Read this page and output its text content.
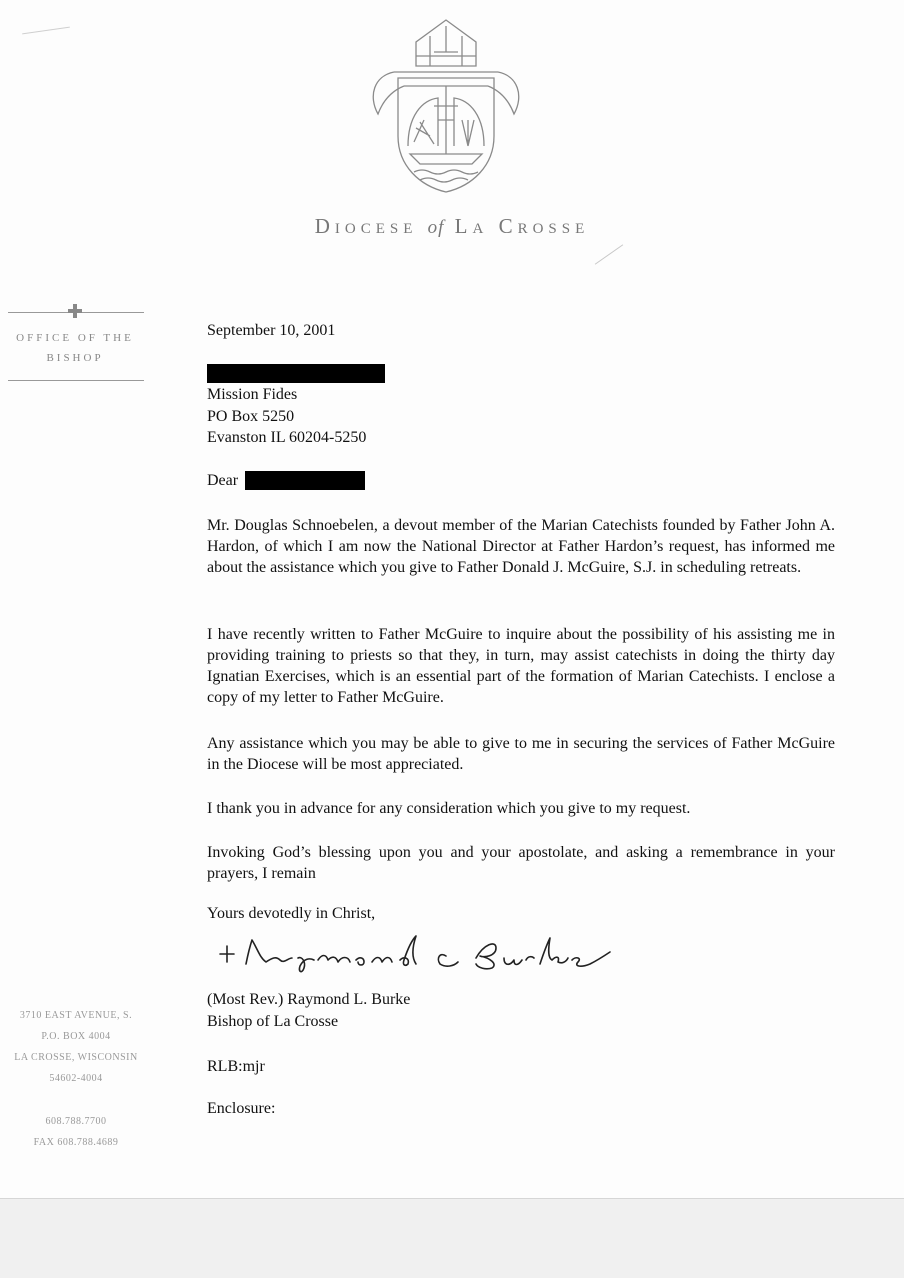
Diocese of La Crosse
OFFICE OF THE
BISHOP
3710 EAST AVENUE, S.
P.O. BOX 4004
LA CROSSE, WISCONSIN
54602-4004
608.788.7700
FAX 608.788.4689
September 10, 2001
Mission Fides
PO Box 5250
Evanston IL 60204-5250
Dear
Mr. Douglas Schnoebelen, a devout member of the Marian Catechists founded by Father John A. Hardon, of which I am now the National Director at Father Hardon’s request, has informed me about the assistance which you give to Father Donald J. McGuire, S.J. in scheduling retreats.
I have recently written to Father McGuire to inquire about the possibility of his assisting me in providing training to priests so that they, in turn, may assist catechists in doing the thirty day Ignatian Exercises, which is an essential part of the formation of Marian Catechists. I enclose a copy of my letter to Father McGuire.
Any assistance which you may be able to give to me in securing the services of Father McGuire in the Diocese will be most appreciated.
I thank you in advance for any consideration which you give to my request.
Invoking God’s blessing upon you and your apostolate, and asking a remembrance in your prayers, I remain
Yours devotedly in Christ,
(Most Rev.) Raymond L. Burke
Bishop of La Crosse
RLB:mjr
Enclosure:
